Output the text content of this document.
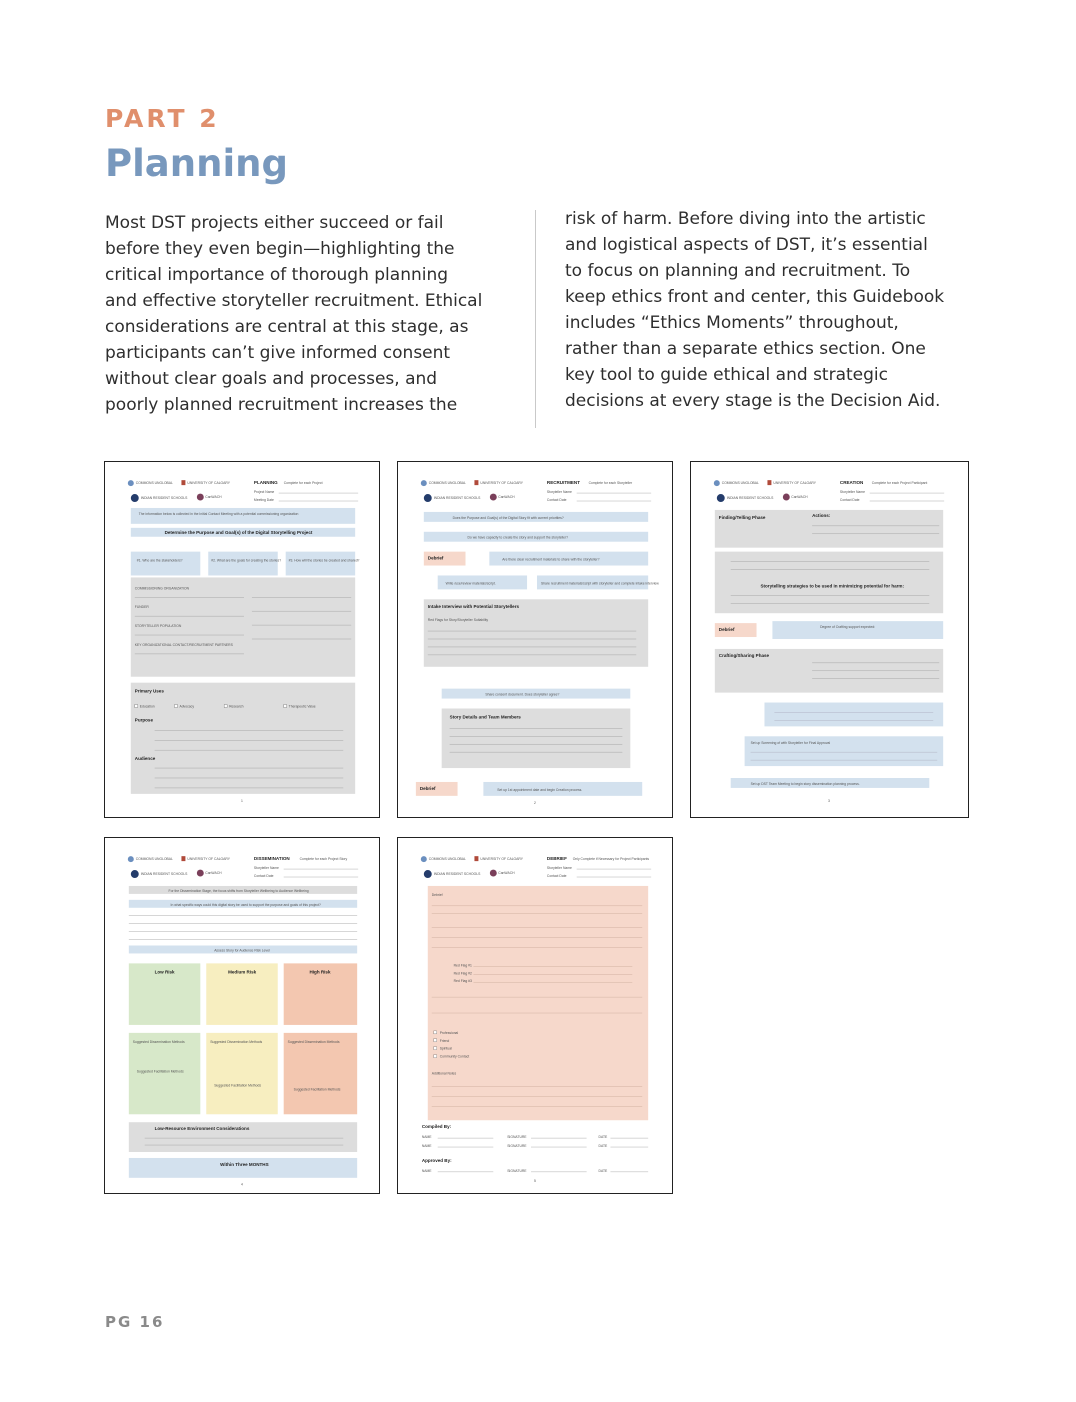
PART 2
Planning

Most DST projects either succeed or fail
before they even begin—highlighting the
critical importance of thorough planning
and effective storyteller recruitment. Ethical
considerations are central at this stage, as
participants can’t give informed consent
without clear goals and processes, and
poorly planned recruitment increases the

risk of harm. Before diving into the artistic
and logistical aspects of DST, it’s essential
to focus on planning and recruitment. To
keep ethics front and center, this Guidebook
includes “Ethics Moments” throughout,
rather than a separate ethics section. One
key tool to guide ethical and strategic
decisions at every stage is the Decision Aid.

COMMONS UNGLOBAL	UNIVERSITY OF CALGARY
INDIAN RESIDENT SCHOOLS	CanWACH
PLANNING Complete for each Project
Project Name
Meeting Date
The information below is collected in the Initial Contact Meeting with a potential commissioning organization
Determine the Purpose and Goal(s) of the Digital Storytelling Project
#1. Who are the stakeholders?	#2. What are the goals for creating the stories? #3. How will the stories be created and shared?
COMMISSIONING ORGANIZATION
FUNDER
STORYTELLER POPULATION
KEY ORGANIZATIONAL CONTACT/RECRUITMENT PARTNERS
Primary Uses
Education	Advocacy	Research	Therapeutic Value
Purpose
Audience
1
COMMONS UNGLOBAL	UNIVERSITY OF CALGARY
INDIAN RESIDENT SCHOOLS	CanWACH
RECRUITMENT	Complete for each Storyteller
Storyteller Name
Contact Date
Does the Purpose and Goal(s) of the Digital Story fit with current priorities?
Do we have capacity to create the story and support the storyteller?
Debrief	Are there clear recruitment materials to share with the storyteller?
Write /use/review materials/script.	Share recruitment materials/script with storyteller and complete intake interview
Intake Interview with Potential Storytellers
Red Flags for Story/Storyteller Suitability
Share consent document. Does storyteller agree?
Story Details and Team Members
Debrief	Set up 1st appointment date and begin Creation process.
2
COMMONS UNGLOBAL	UNIVERSITY OF CALGARY
INDIAN RESIDENT SCHOOLS	CanWACH
CREATION Complete for each Project Participant
Storyteller Name
Contact Date
Finding/Telling Phase	Actions:
Storytelling strategies to be used in minimizing potential for harm:
Debrief	Degree of Crafting support expected:
Crafting/Sharing Phase
Set up Screening of with Storyteller for Final Approval
Set up DST Team Meeting to begin story dissemination planning process.
3
COMMONS UNGLOBAL	UNIVERSITY OF CALGARY
INDIAN RESIDENT SCHOOLS	CanWACH
DISSEMINATION	Complete for each Project Story
Storyteller Name
Contact Date
For the Dissemination Stage, the focus shifts from Storyteller Wellbeing to Audience Wellbeing
In what specific ways could this digital story be used to support the purpose and goals of this project?
Assess Story for Audience Risk Level
Low Risk	Medium Risk	High Risk
Suggested Dissemination Methods
Suggested Facilitation Methods
Suggested Dissemination Methods
Suggested Facilitation Methods
Suggested Dissemination Methods
Suggested Facilitation Methods
Low-Resource Environment Considerations
Within Three MONTHS
4
COMMONS UNGLOBAL	UNIVERSITY OF CALGARY
INDIAN RESIDENT SCHOOLS	CanWACH
DEBRIEF Only Complete if Necessary for Project Participants
Storyteller Name
Contact Date
Debrief
Red Flag #1
Red Flag #2
Red Flag #3
Professional
Friend
Spiritual
Community Contact
Additional Notes
Compiled By:
NAME	SIGNATURE	DATE
NAME	SIGNATURE	DATE
Approved By:
NAME	SIGNATURE	DATE
5

PG 16
